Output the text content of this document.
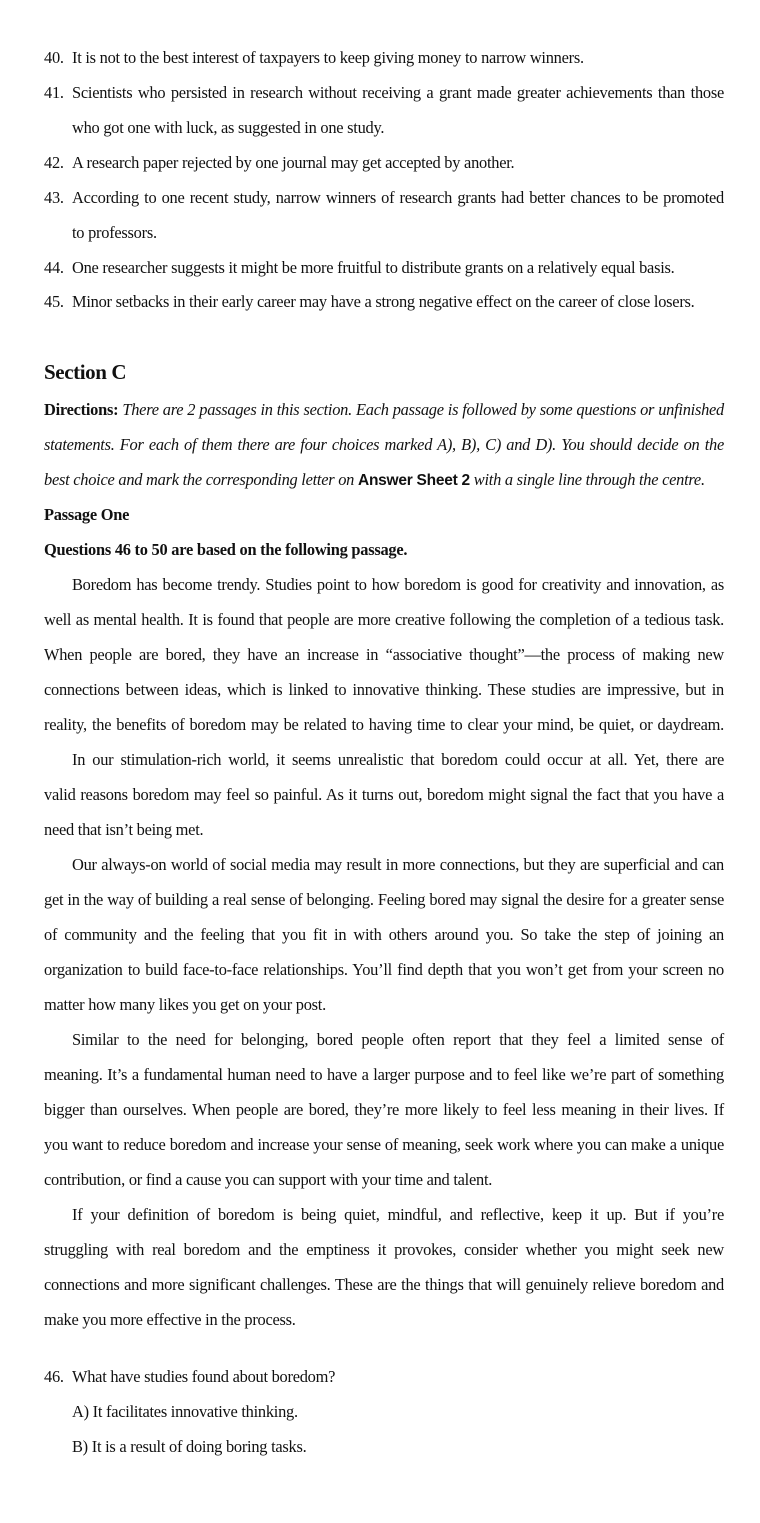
40. It is not to the best interest of taxpayers to keep giving money to narrow winners.
41. Scientists who persisted in research without receiving a grant made greater achievements than those
who got one with luck, as suggested in one study.
42. A research paper rejected by one journal may get accepted by another.
43. According to one recent study, narrow winners of research grants had better chances to be promoted
to professors.
44. One researcher suggests it might be more fruitful to distribute grants on a relatively equal basis.
45. Minor setbacks in their early career may have a strong negative effect on the career of close losers.
Section C
Directions: There are 2 passages in this section. Each passage is followed by some questions or unfinished
statements. For each of them there are four choices marked A), B), C) and D). You should decide on the
best choice and mark the corresponding letter on Answer Sheet 2 with a single line through the centre.
Passage One
Questions 46 to 50 are based on the following passage.
Boredom has become trendy. Studies point to how boredom is good for creativity and innovation, as
well as mental health. It is found that people are more creative following the completion of a tedious task.
When people are bored, they have an increase in “associative thought”—the process of making new
connections between ideas, which is linked to innovative thinking. These studies are impressive, but in
reality, the benefits of boredom may be related to having time to clear your mind, be quiet, or daydream.
In our stimulation-rich world, it seems unrealistic that boredom could occur at all. Yet, there are
valid reasons boredom may feel so painful. As it turns out, boredom might signal the fact that you have a
need that isn’t being met.
Our always-on world of social media may result in more connections, but they are superficial and can
get in the way of building a real sense of belonging. Feeling bored may signal the desire for a greater sense
of community and the feeling that you fit in with others around you. So take the step of joining an
organization to build face-to-face relationships. You’ll find depth that you won’t get from your screen no
matter how many likes you get on your post.
Similar to the need for belonging, bored people often report that they feel a limited sense of
meaning. It’s a fundamental human need to have a larger purpose and to feel like we’re part of something
bigger than ourselves. When people are bored, they’re more likely to feel less meaning in their lives. If
you want to reduce boredom and increase your sense of meaning, seek work where you can make a unique
contribution, or find a cause you can support with your time and talent.
If your definition of boredom is being quiet, mindful, and reflective, keep it up. But if you’re
struggling with real boredom and the emptiness it provokes, consider whether you might seek new
connections and more significant challenges. These are the things that will genuinely relieve boredom and
make you more effective in the process.
46. What have studies found about boredom?
A) It facilitates innovative thinking.
B) It is a result of doing boring tasks.
